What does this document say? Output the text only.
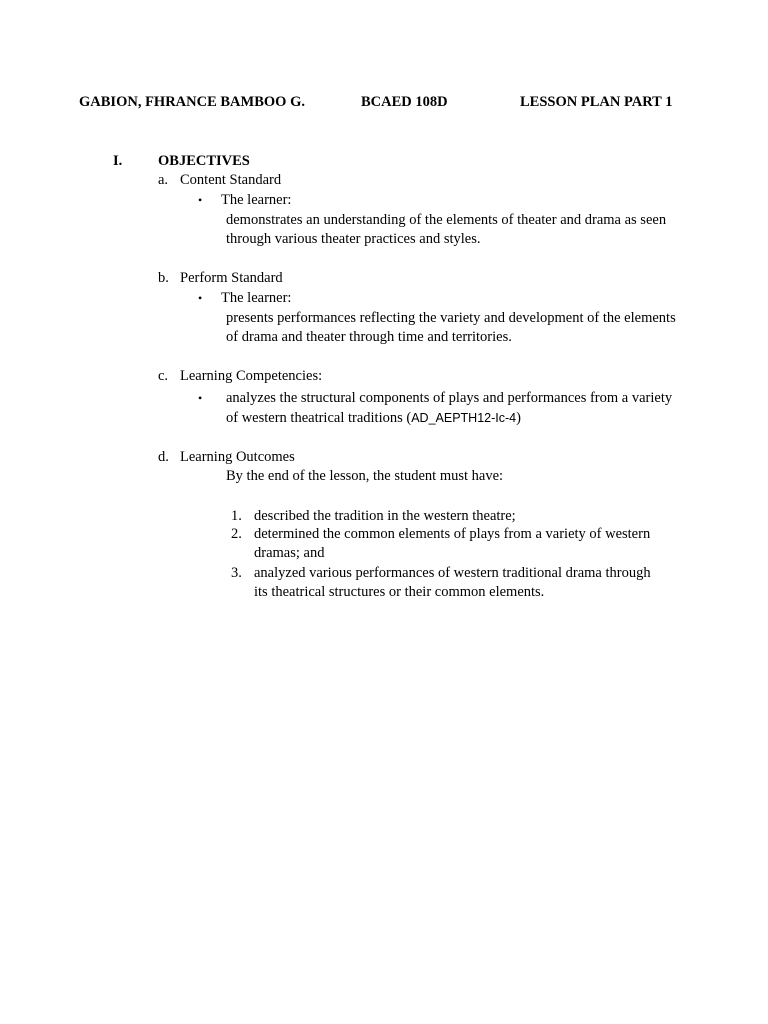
GABION, FHRANCE BAMBOO G.	BCAED 108D	LESSON PLAN PART 1
I. OBJECTIVES
a. Content Standard
• The learner:
demonstrates an understanding of the elements of theater and drama as seen
through various theater practices and styles.
b. Perform Standard
• The learner:
presents performances reflecting the variety and development of the elements
of drama and theater through time and territories.
c. Learning Competencies:
• analyzes the structural components of plays and performances from a variety
of western theatrical traditions (AD_AEPTH12-Ic-4)
d. Learning Outcomes
By the end of the lesson, the student must have:
1. described the tradition in the western theatre;
2. determined the common elements of plays from a variety of western
dramas; and
3. analyzed various performances of western traditional drama through
its theatrical structures or their common elements.
